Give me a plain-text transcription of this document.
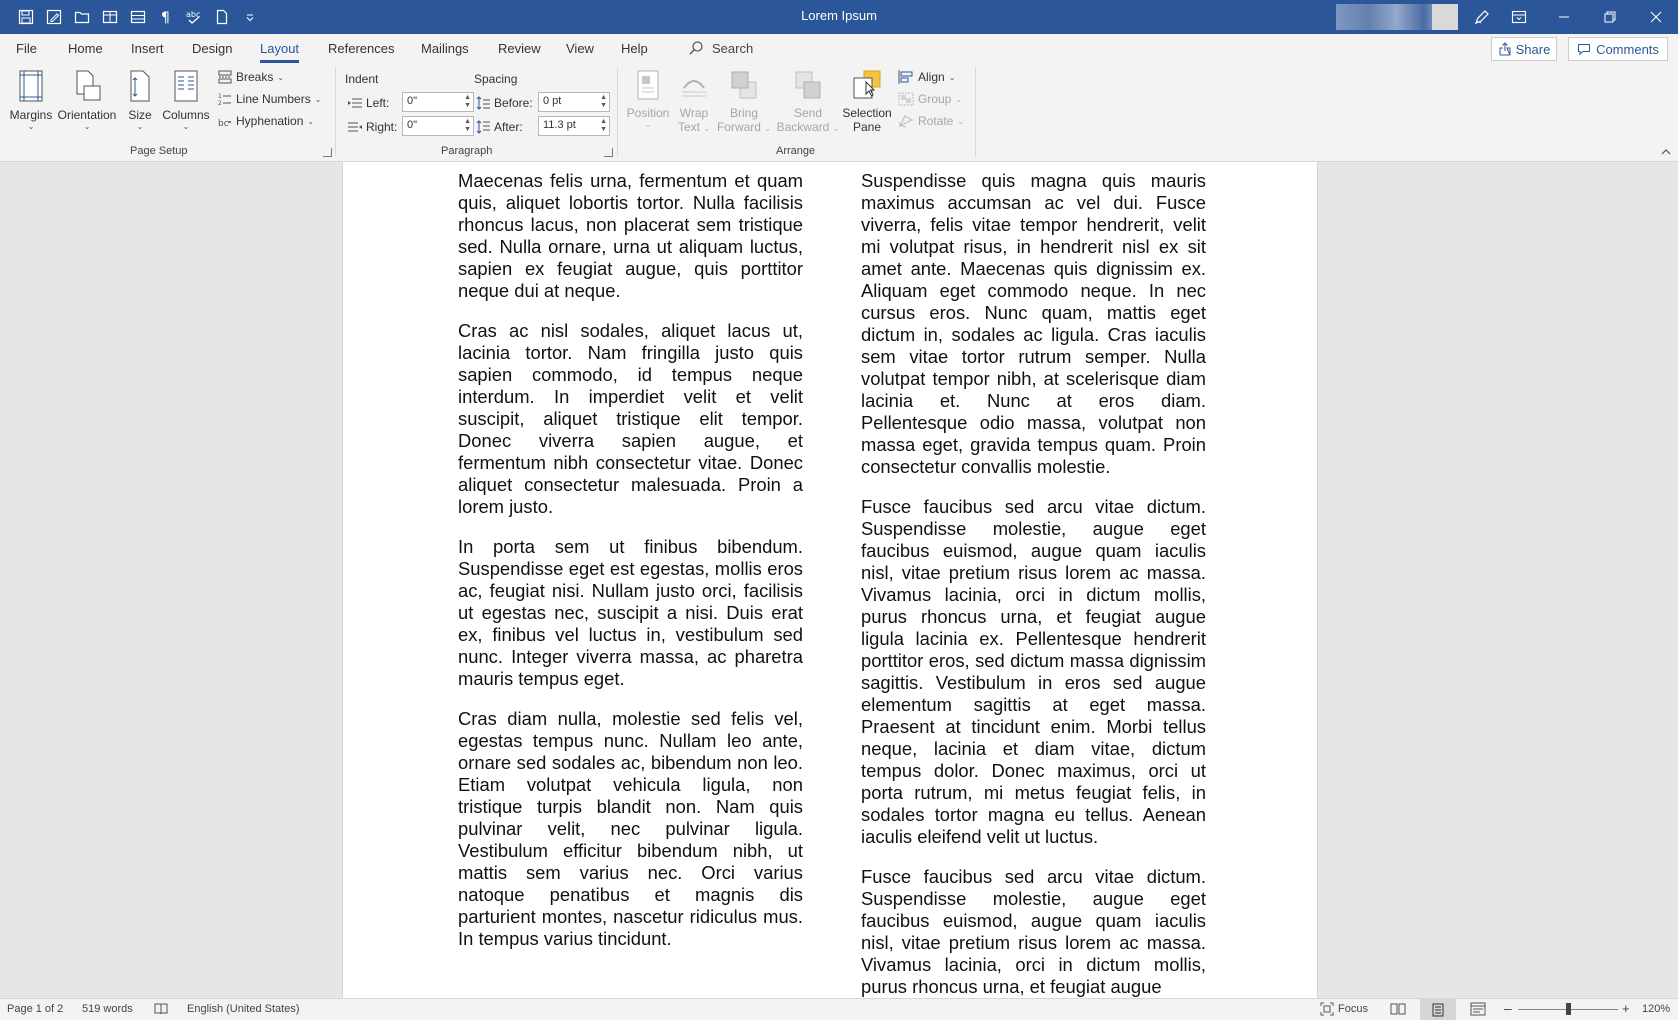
¶ abc	Lorem Ipsum
File Home Insert Design Layout References Mailings Review View Help	Search	Share	Comments
Margins
⌄
Orientation
⌄
Size
⌄
Columns
⌄
Breaks ⌄
1
2 Line Numbers ⌄
bc Hyphenation ⌄
Page Setup
Indent	Spacing
Left:	0"	▲
▼
Right: 0"	▲
▼
Before: 0 pt	▲
▼
After:	11.3 pt	▲
▼
Paragraph
Position
⌄
Wrap
Text ⌄
Bring
Forward ⌄
Send
Backward ⌄
Selection
Pane
Align ⌄
Group ⌄
Rotate ⌄
Arrange

Maecenas felis urna, fermentum et quam quis, aliquet lobortis tortor. Nulla facilisis rhoncus lacus, non placerat sem tristique sed. Nulla ornare, urna ut aliquam luctus, sapien ex feugiat augue, quis porttitor neque dui at neque.

Cras ac nisl sodales, aliquet lacus ut, lacinia tortor. Nam fringilla justo quis sapien commodo, id tempus neque interdum. In imperdiet velit et velit suscipit, aliquet tristique elit tempor. Donec viverra sapien augue, et fermentum nibh consectetur vitae. Donec aliquet consectetur malesuada. Proin a lorem justo.

In porta sem ut finibus bibendum. Suspendisse eget est egestas, mollis eros ac, feugiat nisi. Nullam justo orci, facilisis ut egestas nec, suscipit a nisi. Duis erat ex, finibus vel luctus in, vestibulum sed nunc. Integer viverra massa, ac pharetra mauris tempus eget.

Cras diam nulla, molestie sed felis vel, egestas tempus nunc. Nullam leo ante, ornare sed sodales ac, bibendum non leo. Etiam volutpat vehicula ligula, non tristique turpis blandit non. Nam quis pulvinar velit, nec pulvinar ligula. Vestibulum efficitur bibendum nibh, ut mattis sem varius nec. Orci varius natoque penatibus et magnis dis parturient montes, nascetur ridiculus mus. In tempus varius tincidunt.

Suspendisse quis magna quis mauris maximus accumsan ac vel dui. Fusce viverra, felis vitae tempor hendrerit, velit mi volutpat risus, in hendrerit nisl ex sit amet ante. Maecenas quis dignissim ex. Aliquam eget commodo neque. In nec cursus eros. Nunc quam, mattis eget dictum in, sodales ac ligula. Cras iaculis sem vitae tortor rutrum semper. Nulla volutpat tempor nibh, at scelerisque diam lacinia et. Nunc at eros diam. Pellentesque odio massa, volutpat non massa eget, gravida tempus quam. Proin consectetur convallis molestie.

Fusce faucibus sed arcu vitae dictum. Suspendisse molestie, augue eget faucibus euismod, augue quam iaculis nisl, vitae pretium risus lorem ac massa. Vivamus lacinia, orci in dictum mollis, purus rhoncus urna, et feugiat augue ligula lacinia ex. Pellentesque hendrerit porttitor eros, sed dictum massa dignissim sagittis. Vestibulum in eros sed augue elementum sagittis at eget massa. Praesent at tincidunt enim. Morbi tellus neque, lacinia et diam vitae, dictum tempus dolor. Donec maximus, orci ut porta rutrum, mi metus feugiat felis, in sodales tortor magna eu tellus. Aenean iaculis eleifend velit ut luctus.

Fusce faucibus sed arcu vitae dictum. Suspendisse molestie, augue eget faucibus euismod, augue quam iaculis nisl, vitae pretium risus lorem ac massa. Vivamus lacinia, orci in dictum mollis, purus rhoncus urna, et feugiat augue

Page 1 of 2 519 words	English (United States)	Focus	–	+ 120%
